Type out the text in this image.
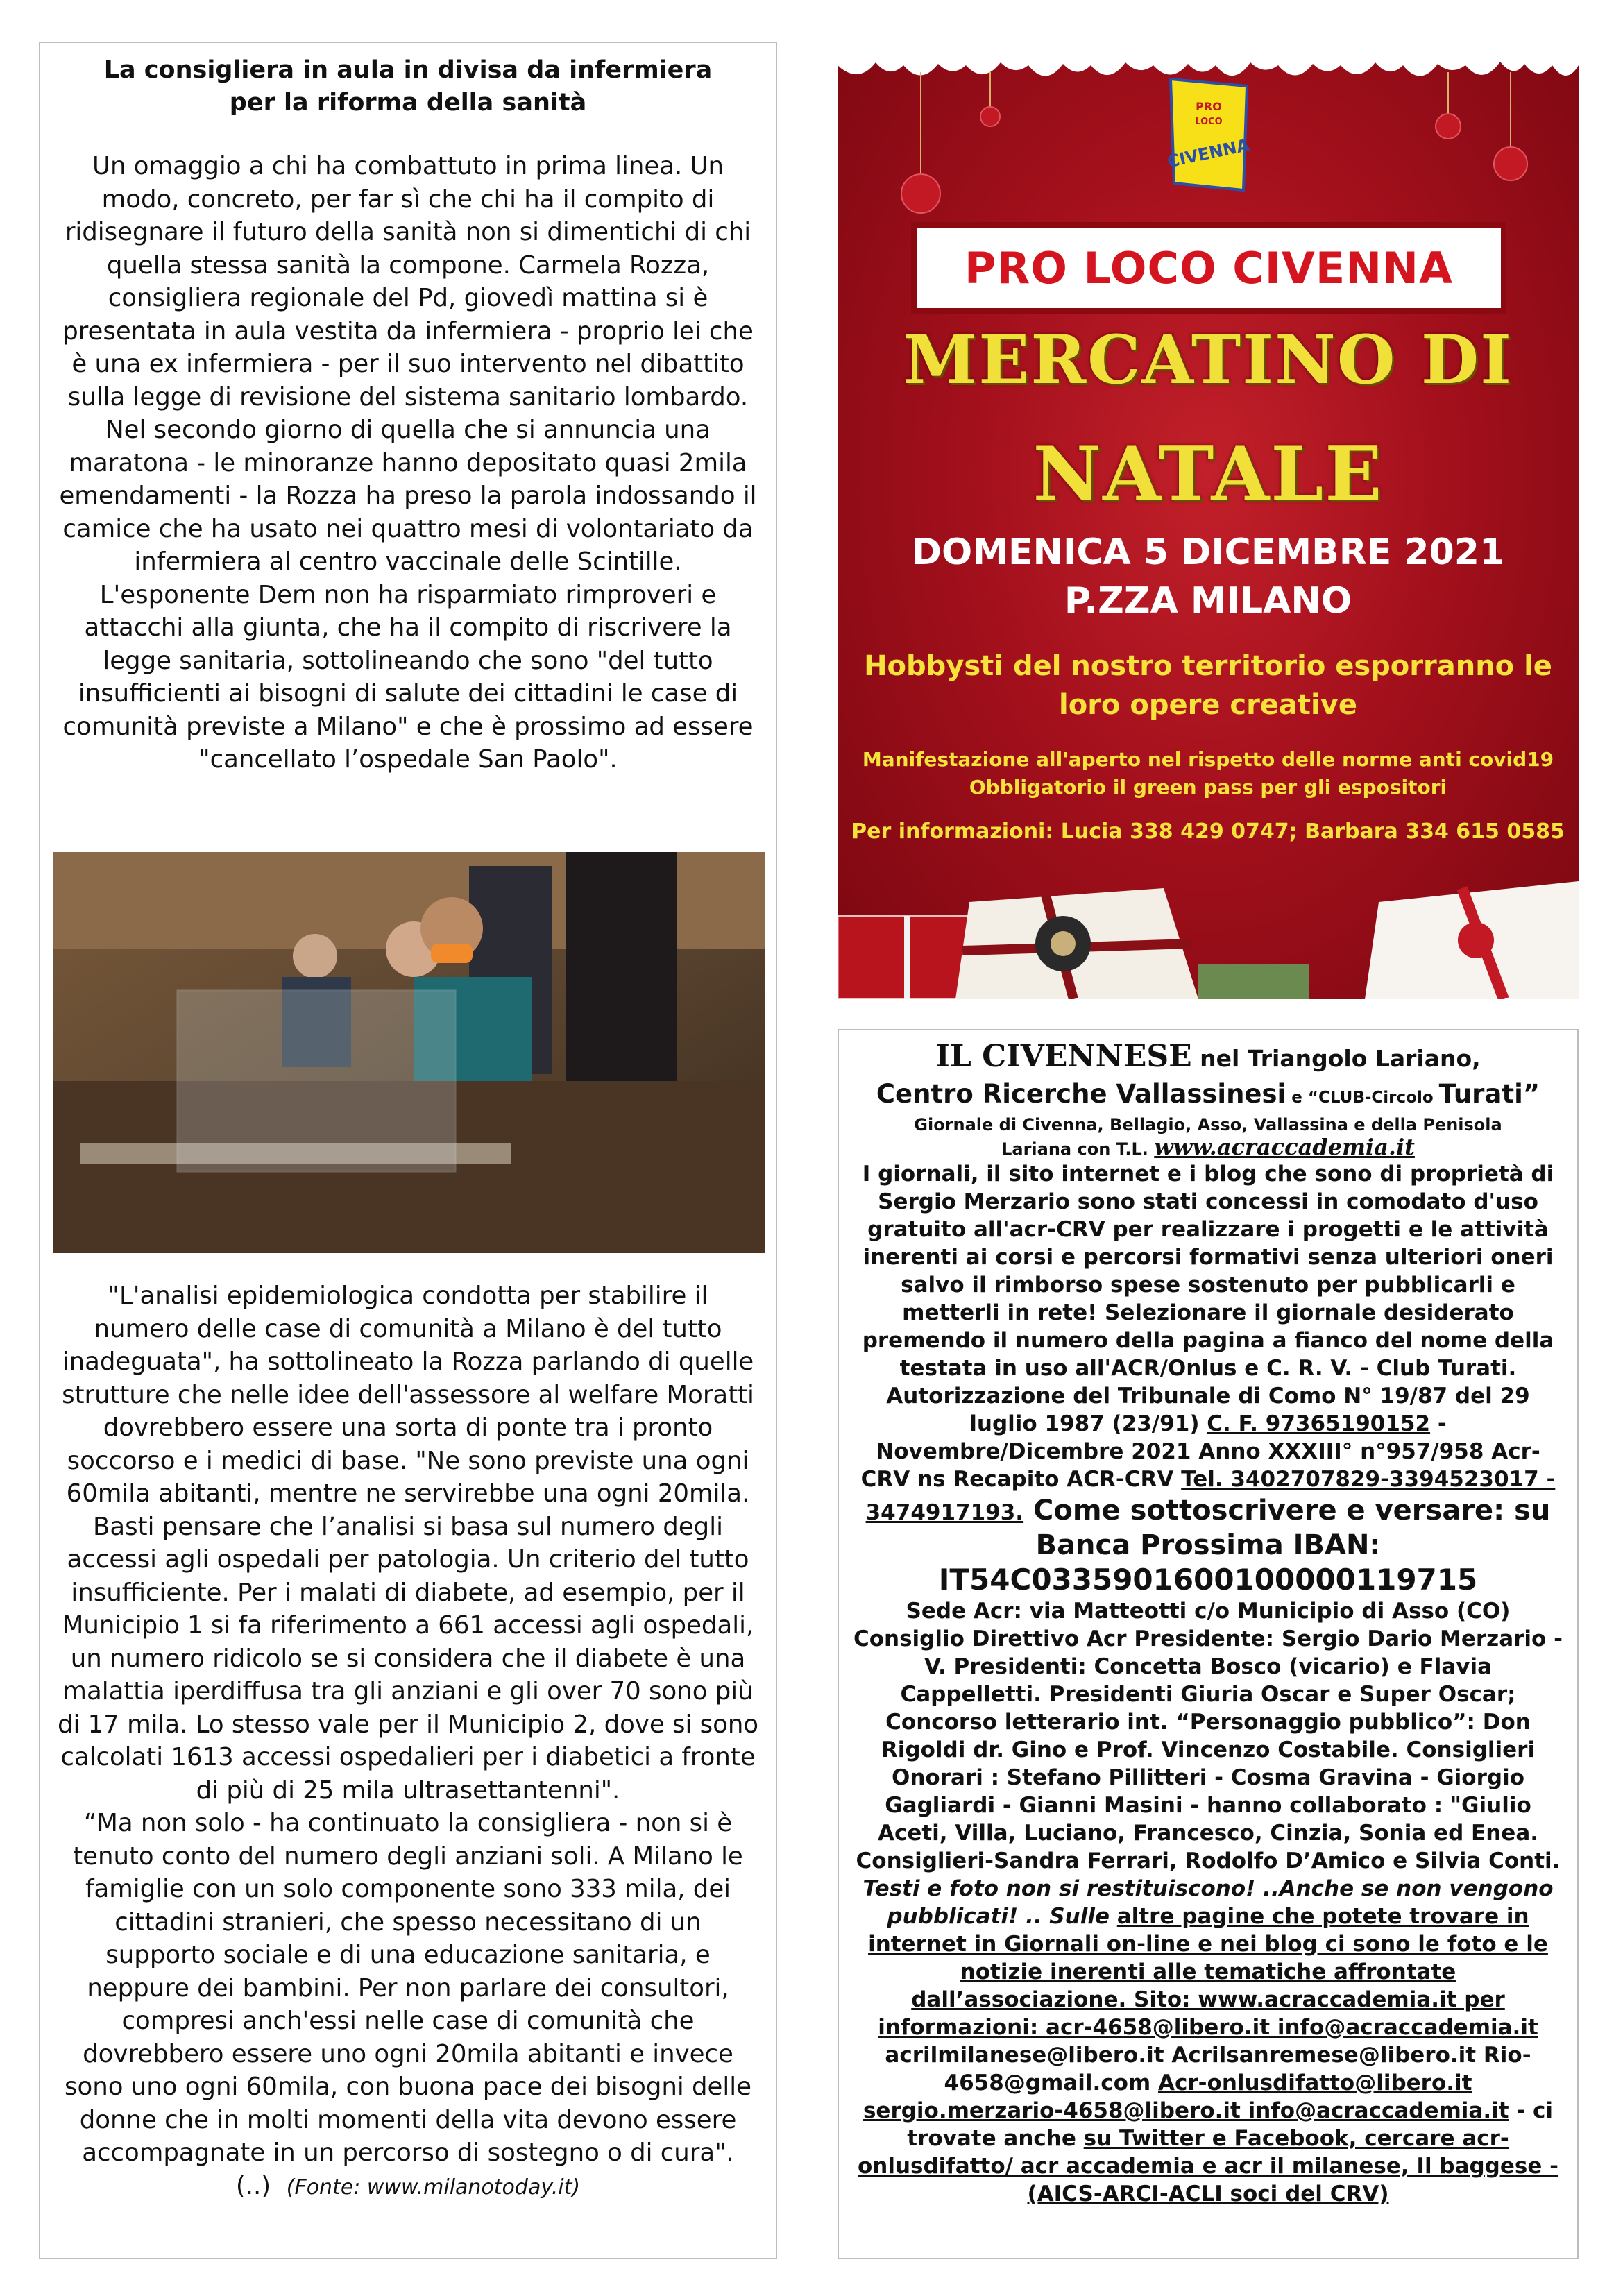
La consigliera in aula in divisa da infermiera
per la riforma della sanità
Un omaggio a chi ha combattuto in prima linea. Un modo, concreto, per far sì che chi ha il compito di ridisegnare il futuro della sanità non si dimentichi di chi quella stessa sanità la compone. Carmela Rozza, consigliera regionale del Pd, giovedì mattina si è presentata in aula vestita da infermiera - proprio lei che è una ex infermiera - per il suo intervento nel dibattito sulla legge di revisione del sistema sanitario lombardo.
Nel secondo giorno di quella che si annuncia una maratona - le minoranze hanno depositato quasi 2mila emendamenti - la Rozza ha preso la parola indossando il camice che ha usato nei quattro mesi di volontariato da infermiera al centro vaccinale delle Scintille. L'esponente Dem non ha risparmiato rimproveri e attacchi alla giunta, che ha il compito di riscrivere la legge sanitaria, sottolineando che sono "del tutto insufficienti ai bisogni di salute dei cittadini le case di comunità previste a Milano" e che è prossimo ad essere "cancellato l’ospedale San Paolo".
"L'analisi epidemiologica condotta per stabilire il numero delle case di comunità a Milano è del tutto inadeguata", ha sottolineato la Rozza parlando di quelle strutture che nelle idee dell'assessore al welfare Moratti dovrebbero essere una sorta di ponte tra i pronto soccorso e i medici di base. "Ne sono previste una ogni 60mila abitanti, mentre ne servirebbe una ogni 20mila. Basti pensare che l’analisi si basa sul numero degli accessi agli ospedali per patologia. Un criterio del tutto insufficiente. Per i malati di diabete, ad esempio, per il Municipio 1 si fa riferimento a 661 accessi agli ospedali, un numero ridicolo se si considera che il diabete è una malattia iperdiffusa tra gli anziani e gli over 70 sono più di 17 mila. Lo stesso vale per il Municipio 2, dove si sono calcolati 1613 accessi ospedalieri per i diabetici a fronte di più di 25 mila ultrasettantenni".
“Ma non solo - ha continuato la consigliera - non si è tenuto conto del numero degli anziani soli. A Milano le famiglie con un solo componente sono 333 mila, dei cittadini stranieri, che spesso necessitano di un supporto sociale e di una educazione sanitaria, e neppure dei bambini. Per non parlare dei consultori, compresi anch'essi nelle case di comunità che dovrebbero essere uno ogni 20mila abitanti e invece sono uno ogni 60mila, con buona pace dei bisogni delle donne che in molti momenti della vita devono essere accompagnate in un percorso di sostegno o di cura". (..) (Fonte: www.milanotoday.it)
PRO
LOCO
CIVENNA
PRO LOCO CIVENNA
MERCATINO DI
NATALE
DOMENICA 5 DICEMBRE 2021
P.ZZA MILANO
Hobbysti del nostro territorio esporranno le
loro opere creative
Manifestazione all'aperto nel rispetto delle norme anti covid19
Obbligatorio il green pass per gli espositori
Per informazioni: Lucia 338 429 0747; Barbara 334 615 0585
IL CIVENNESE nel Triangolo Lariano,
Centro Ricerche Vallassinesi e “CLUB-Circolo Turati”
Giornale di Civenna, Bellagio, Asso, Vallassina e della Penisola
Lariana con T.L. www.acraccademia.it
I giornali, il sito internet e i blog che sono di proprietà di Sergio Merzario sono stati concessi in comodato d'uso gratuito all'acr-CRV per realizzare i progetti e le attività inerenti ai corsi e percorsi formativi senza ulteriori oneri salvo il rimborso spese sostenuto per pubblicarli e metterli in rete! Selezionare il giornale desiderato premendo il numero della pagina a fianco del nome della testata in uso all'ACR/Onlus e C. R. V. - Club Turati. Autorizzazione del Tribunale di Como N° 19/87 del 29 luglio 1987 (23/91) C. F. 97365190152 - Novembre/Dicembre 2021 Anno XXXIII° n°957/958 Acr-CRV ns Recapito ACR-CRV Tel. 3402707829-3394523017 - 3474917193. Come sottoscrivere e versare: su Banca Prossima IBAN:
IT54C0335901600100000119715
Sede Acr: via Matteotti c/o Municipio di Asso (CO) Consiglio Direttivo Acr Presidente: Sergio Dario Merzario - V. Presidenti: Concetta Bosco (vicario) e Flavia Cappelletti. Presidenti Giuria Oscar e Super Oscar; Concorso letterario int. “Personaggio pubblico”: Don Rigoldi dr. Gino e Prof. Vincenzo Costabile. Consiglieri Onorari : Stefano Pillitteri - Cosma Gravina - Giorgio Gagliardi - Gianni Masini - hanno collaborato : "Giulio Aceti, Villa, Luciano, Francesco, Cinzia, Sonia ed Enea. Consiglieri-Sandra Ferrari, Rodolfo D’Amico e Silvia Conti. Testi e foto non si restituiscono! ..Anche se non vengono pubblicati! .. Sulle altre pagine che potete trovare in internet in Giornali on-line e nei blog ci sono le foto e le notizie inerenti alle tematiche affrontate dall’associazione. Sito: www.acraccademia.it per informazioni: acr-4658@libero.it info@acraccademia.it
acrilmilanese@libero.it Acrilsanremese@libero.it Rio-4658@gmail.com Acr-onlusdifatto@libero.it sergio.merzario-4658@libero.it info@acraccademia.it - ci trovate anche su Twitter e Facebook, cercare acr-onlusdifatto/ acr accademia e acr il milanese, Il baggese - (AICS-ARCI-ACLI soci del CRV)
